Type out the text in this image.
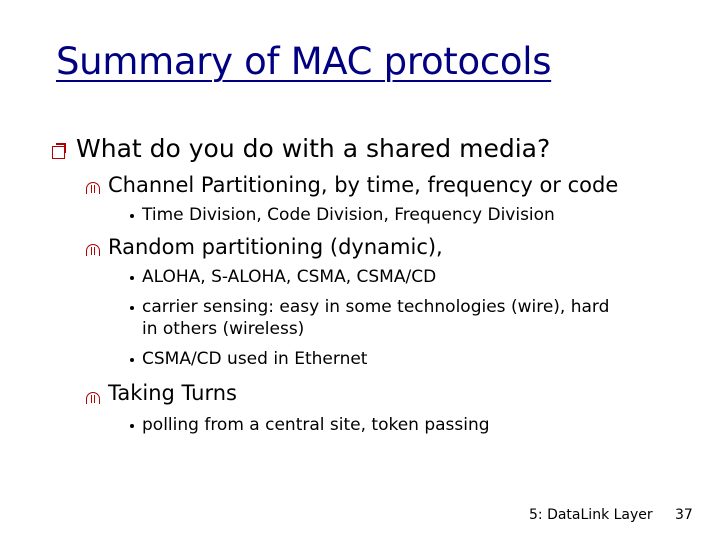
Summary of MAC protocols
What do you do with a shared media?
Channel Partitioning, by time, frequency or code
Time Division, Code Division, Frequency Division
Random partitioning (dynamic),
ALOHA, S-ALOHA, CSMA, CSMA/CD
carrier sensing: easy in some technologies (wire), hard
in others (wireless)
CSMA/CD used in Ethernet
Taking Turns
polling from a central site, token passing
5: DataLink Layer 37
